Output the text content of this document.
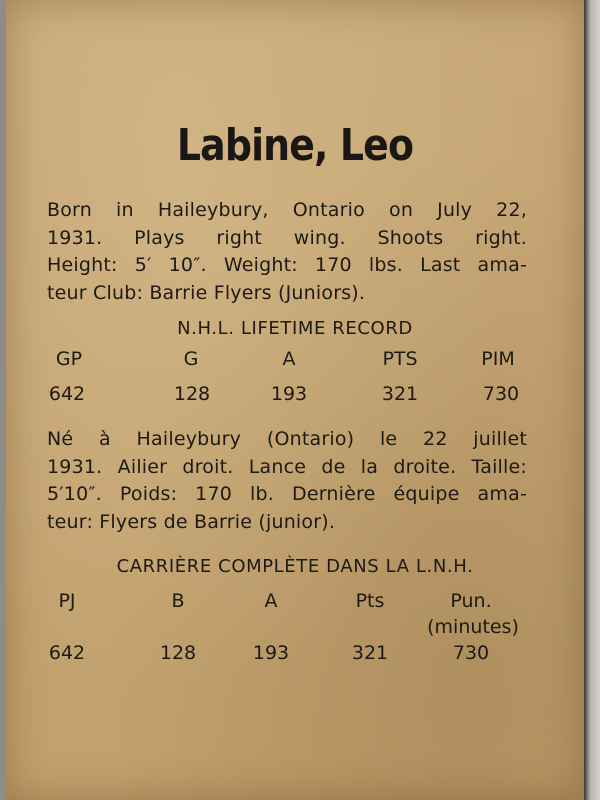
Labine, Leo
Born in Haileybury, Ontario on July 22,
1931. Plays right wing. Shoots right.
Height: 5′ 10″. Weight: 170 lbs. Last ama-
teur Club: Barrie Flyers (Juniors).
N.H.L. LIFETIME RECORD
GP	G	A	PTS	PIM
642	128	193	321	730
Né à Haileybury (Ontario) le 22 juillet
1931. Ailier droit. Lance de la droite. Taille:
5′10″. Poids: 170 lb. Dernière équipe ama-
teur: Flyers de Barrie (junior).
CARRIÈRE COMPLÈTE DANS LA L.N.H.
PJ	B	A	Pts	Pun.
(minutes)
642	128	193	321	730
